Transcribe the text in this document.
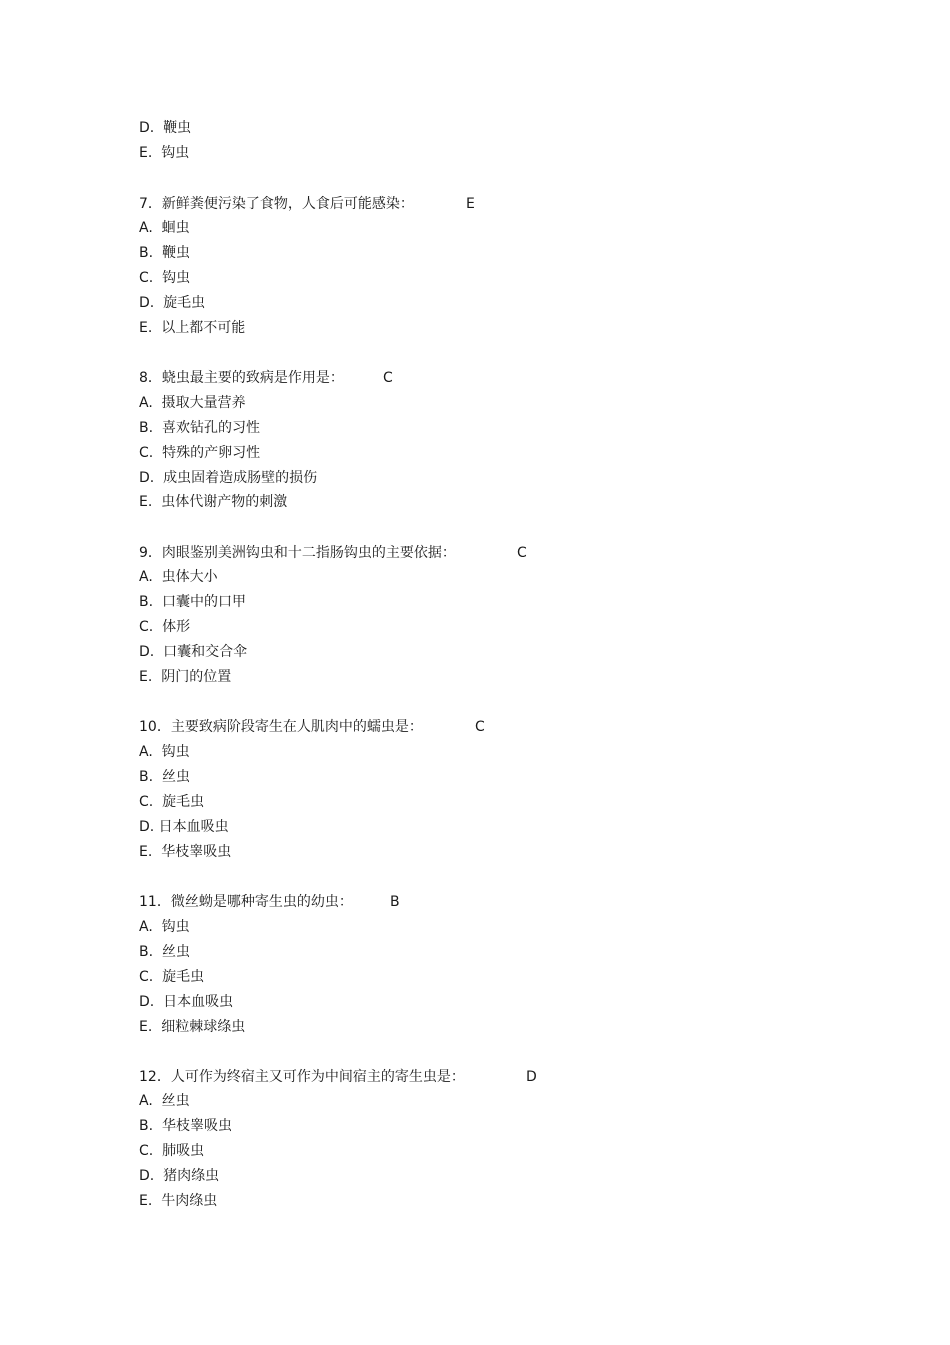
D.  鞭虫
E.  钩虫
7．新鲜粪便污染了食物，人食后可能感染：	E
A.  蛔虫
B.  鞭虫
C.  钩虫
D.  旋毛虫
E.  以上都不可能
8．蛲虫最主要的致病是作用是：	C
A.  摄取大量营养
B.  喜欢钻孔的习性
C.  特殊的产卵习性
D.  成虫固着造成肠壁的损伤
E.  虫体代谢产物的刺激
9．肉眼鉴别美洲钩虫和十二指肠钩虫的主要依据：	C
A.  虫体大小
B.  口囊中的口甲
C.  体形
D.  口囊和交合伞
E.  阴门的位置
10．主要致病阶段寄生在人肌肉中的蠕虫是：	C
A.  钩虫
B.  丝虫
C.  旋毛虫
D. 日本血吸虫
E.  华枝睾吸虫
11．微丝蚴是哪种寄生虫的幼虫：	B
A.  钩虫
B.  丝虫
C.  旋毛虫
D.  日本血吸虫
E.  细粒棘球绦虫
12．人可作为终宿主又可作为中间宿主的寄生虫是：	D
A.  丝虫
B.  华枝睾吸虫
C.  肺吸虫
D.  猪肉绦虫
E.  牛肉绦虫
